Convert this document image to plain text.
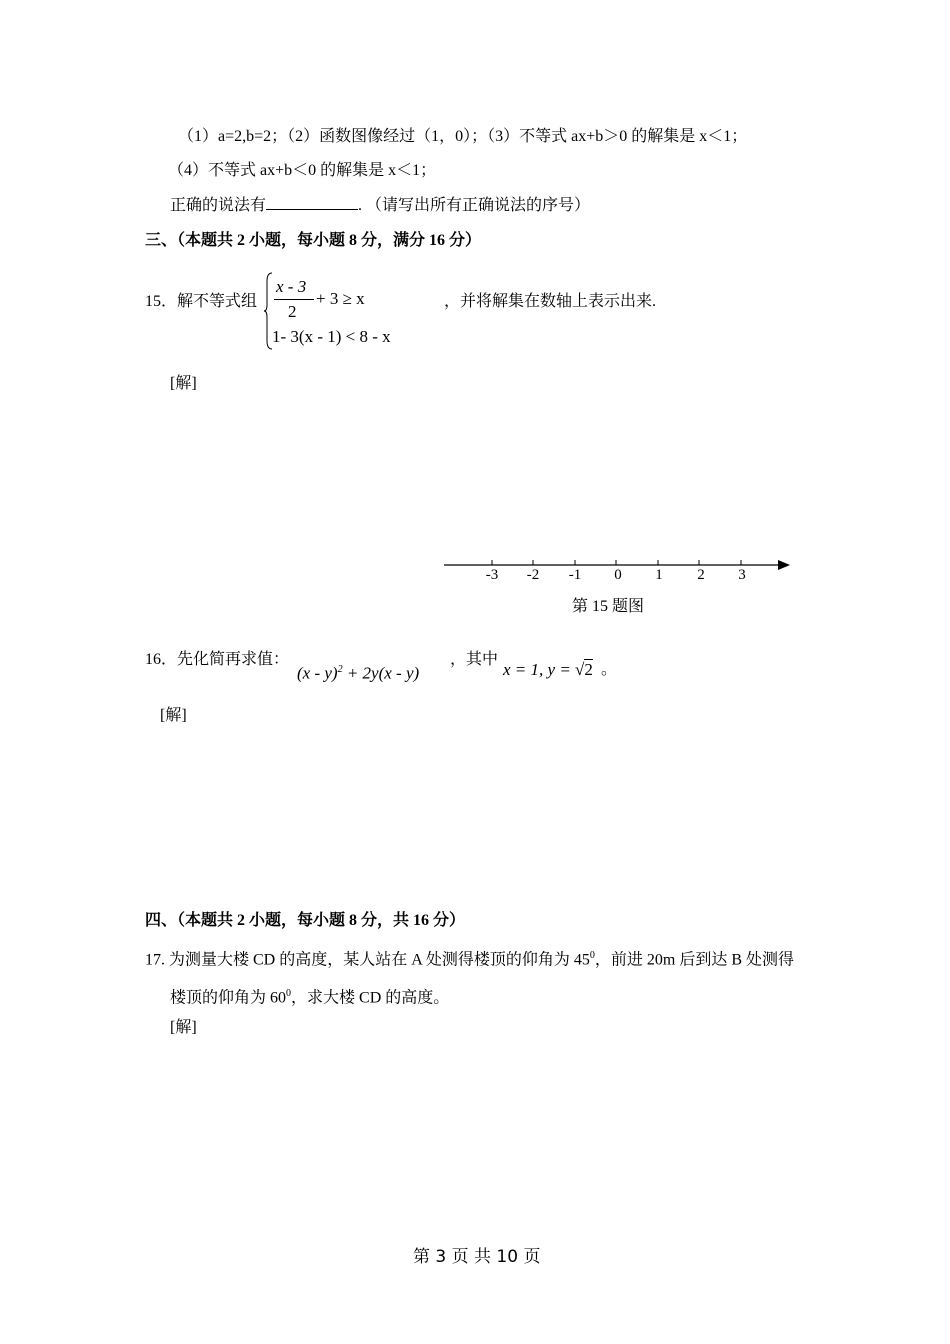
（1）a=2,b=2；（2）函数图像经过（1，0）；（3）不等式 ax+b＞0 的解集是 x＜1；
（4）不等式 ax+b＜0 的解集是 x＜1；
正确的说法有	. （请写出所有正确说法的序号）
三、（本题共 2 小题，每小题 8 分，满分 16 分）
15．解不等式组
x - 3
2
+ 3 ≥ x
1- 3(x - 1) < 8 - x
，并将解集在数轴上表示出来.
[解]
-3	-2	-1	0	1	2	3
第 15 题图
16．先化简再求值：
(x - y)$^2$ + 2y(x - y)
，其中
x = 1, y = √2 。
[解]
四、（本题共 2 小题，每小题 8 分，共 16 分）
17. 为测量大楼 CD 的高度，某人站在 A 处测得楼顶的仰角为 $45^0$，前进 20m 后到达 B 处测得
楼顶的仰角为 $60^0$，求大楼 CD 的高度。
[解]
第 3 页 共 10 页
